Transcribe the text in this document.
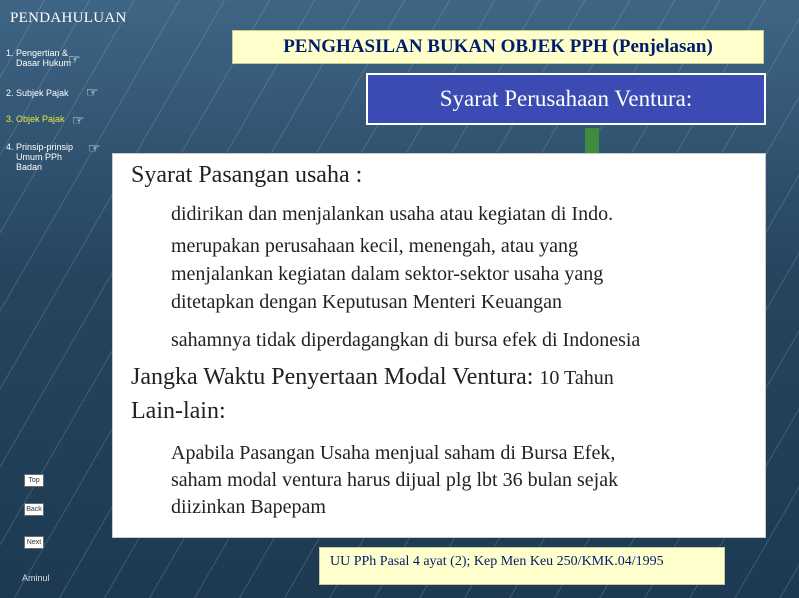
PENDAHULUAN
PENGHASILAN BUKAN OBJEK PPH (Penjelasan)
Syarat Perusahaan Ventura:
1. Pengertian &
Dasar Hukum
☞
2. Subjek Pajak ☞
3. Objek Pajak ☞
4. Prinsip-prinsip
Umum PPh
Badan
☞
Syarat Pasangan usaha :
didirikan dan menjalankan usaha atau kegiatan di Indo.
merupakan perusahaan kecil, menengah, atau yang
menjalankan kegiatan dalam sektor-sektor usaha yang
ditetapkan dengan Keputusan Menteri Keuangan
sahamnya tidak diperdagangkan di bursa efek di Indonesia
Jangka Waktu Penyertaan Modal Ventura: 10 Tahun
Lain-lain:
Apabila Pasangan Usaha menjual saham di Bursa Efek,
saham modal ventura harus dijual plg lbt 36 bulan sejak
diizinkan Bapepam
Top
Back
Next
UU PPh Pasal 4 ayat (2); Kep Men Keu 250/KMK.04/1995
Aminul
